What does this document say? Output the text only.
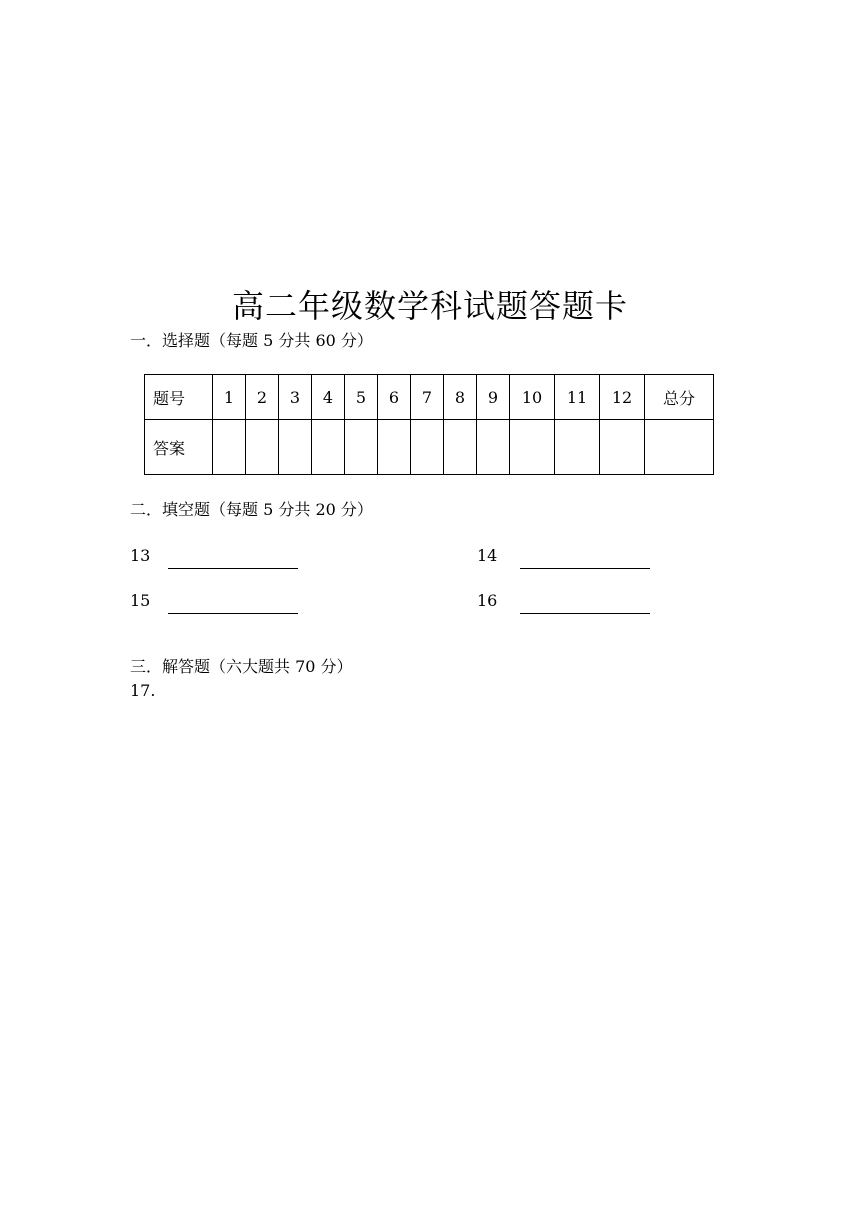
高二年级数学科试题答题卡
一．选择题（每题 5 分共 60 分）
题号	1	2	3	4	5	6	7	8	9	10	11	12	总分
答案													
二．填空题（每题 5 分共 20 分）
13	14
15	16
三．解答题（六大题共 70 分）
17.
